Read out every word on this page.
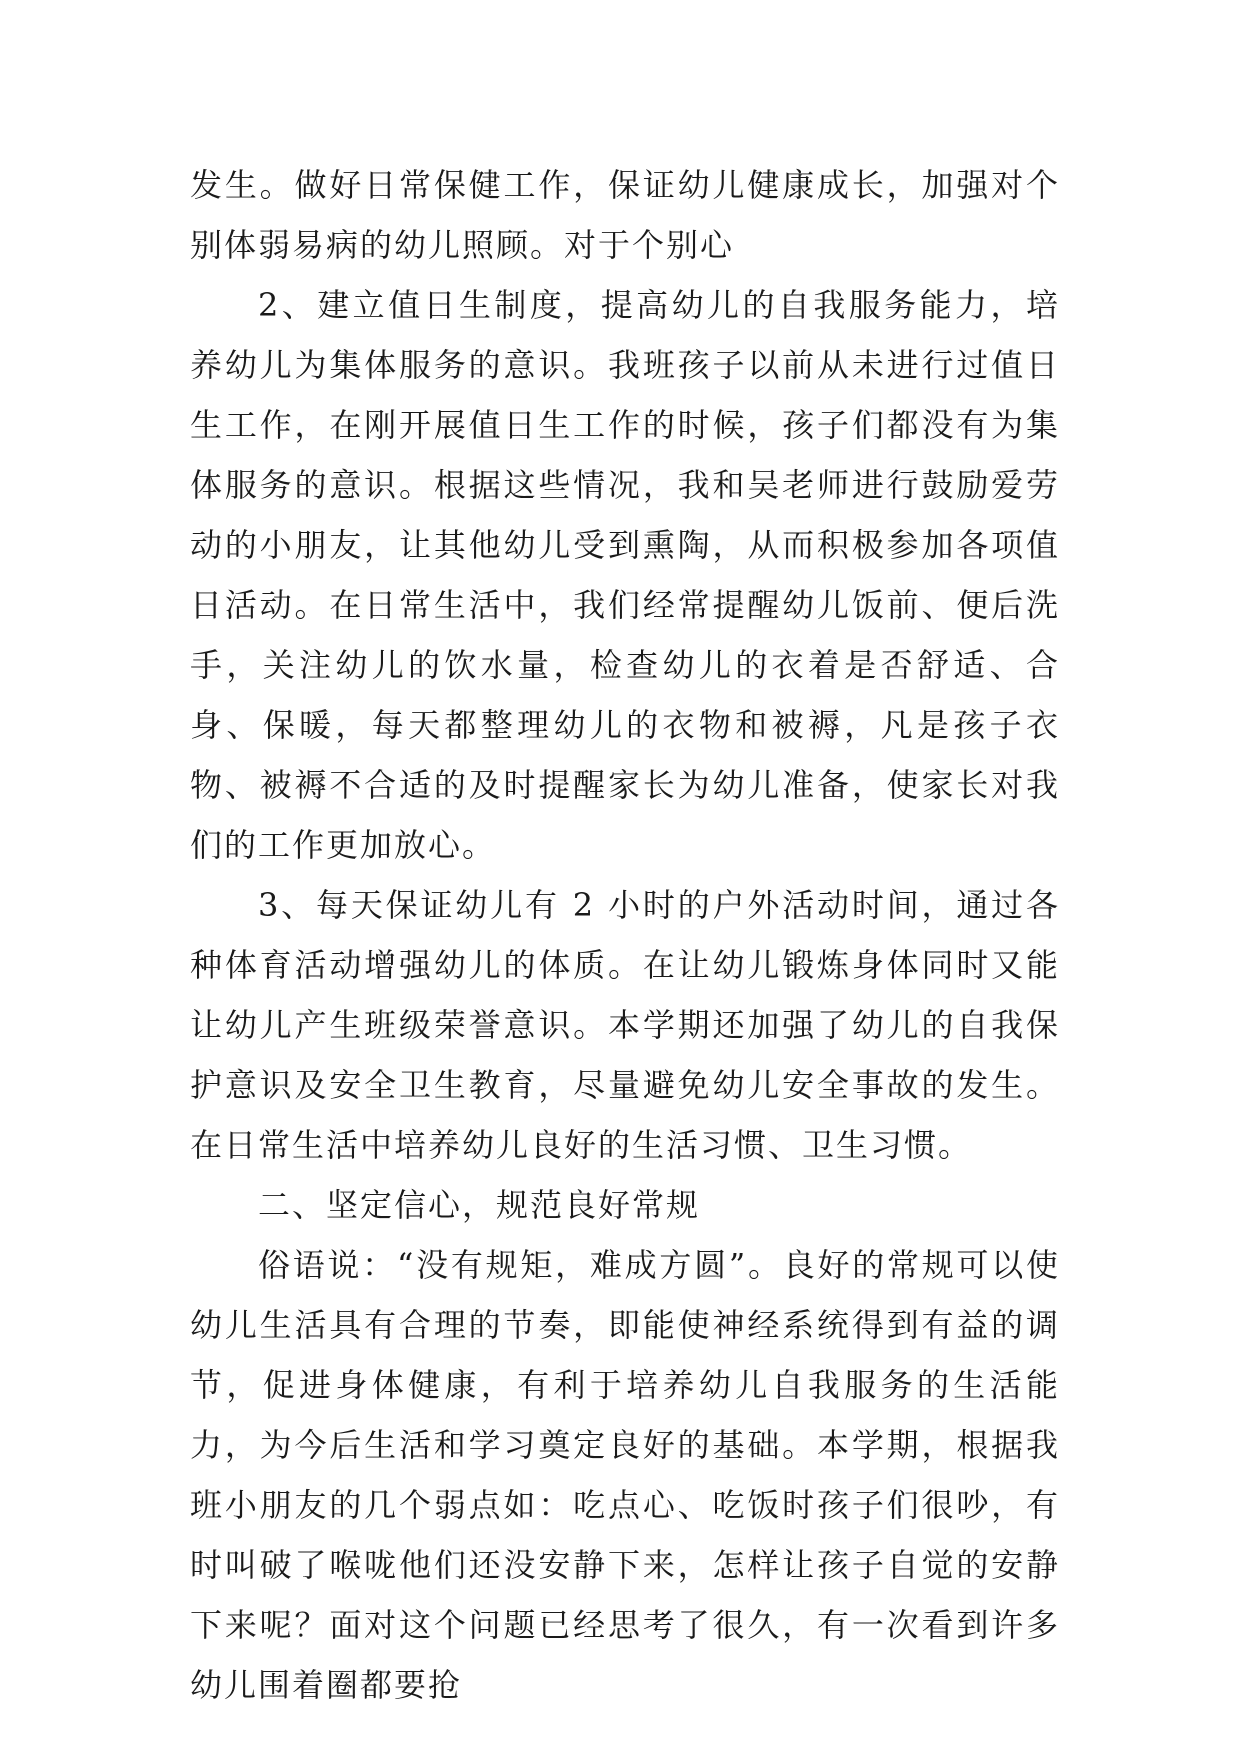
发生。做好日常保健工作，保证幼儿健康成长，加强对个别体弱易病的幼儿照顾。对于个别心

2、建立值日生制度，提高幼儿的自我服务能力，培养幼儿为集体服务的意识。我班孩子以前从未进行过值日生工作，在刚开展值日生工作的时候，孩子们都没有为集体服务的意识。根据这些情况，我和吴老师进行鼓励爱劳动的小朋友，让其他幼儿受到熏陶，从而积极参加各项值日活动。在日常生活中，我们经常提醒幼儿饭前、便后洗手，关注幼儿的饮水量，检查幼儿的衣着是否舒适、合身、保暖，每天都整理幼儿的衣物和被褥，凡是孩子衣物、被褥不合适的及时提醒家长为幼儿准备，使家长对我们的工作更加放心。

3、每天保证幼儿有 2 小时的户外活动时间，通过各种体育活动增强幼儿的体质。在让幼儿锻炼身体同时又能让幼儿产生班级荣誉意识。本学期还加强了幼儿的自我保护意识及安全卫生教育，尽量避免幼儿安全事故的发生。在日常生活中培养幼儿良好的生活习惯、卫生习惯。

二、坚定信心，规范良好常规

俗语说：“没有规矩，难成方圆”。良好的常规可以使幼儿生活具有合理的节奏，即能使神经系统得到有益的调节，促进身体健康，有利于培养幼儿自我服务的生活能力，为今后生活和学习奠定良好的基础。本学期，根据我班小朋友的几个弱点如：吃点心、吃饭时孩子们很吵，有时叫破了喉咙他们还没安静下来，怎样让孩子自觉的安静下来呢？面对这个问题已经思考了很久，有一次看到许多幼儿围着圈都要抢
